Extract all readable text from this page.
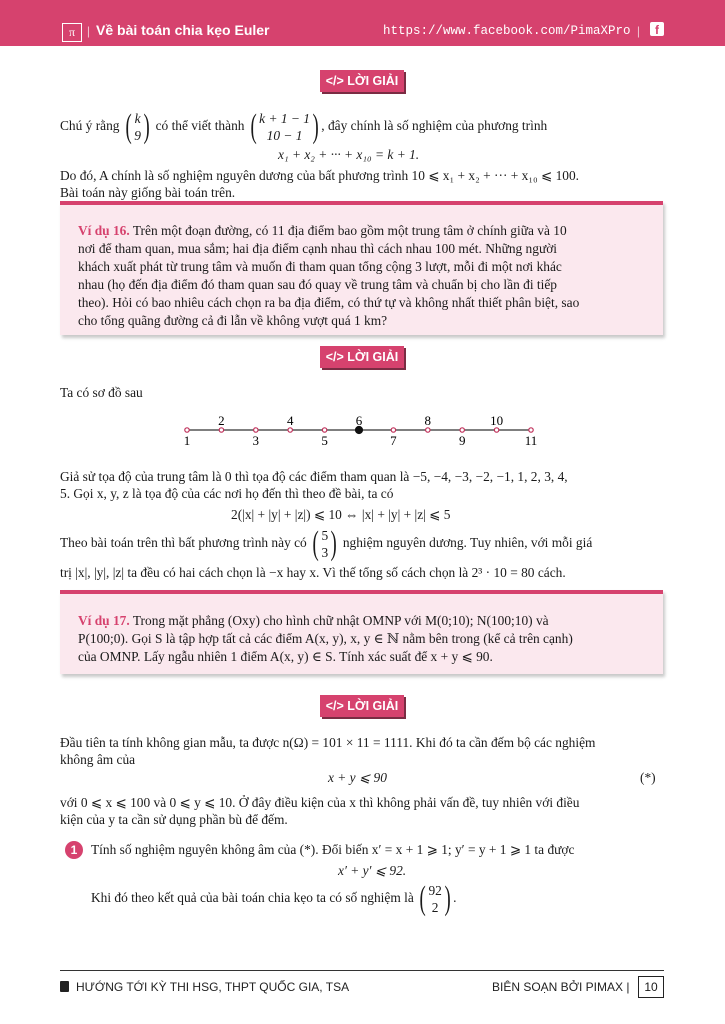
π | Về bài toán chia kẹo Euler	https://www.facebook.com/PimaXPro |	f
</> LỜI GIẢI
Chú ý rằng ( k
9) có thể viết thành ( k + 1 − 1
10 − 1 ) , đây chính là số nghiệm của phương trình
x₁ + x₂ + ··· + x₁₀ = k + 1.
Do đó, A chính là số nghiệm nguyên dương của bất phương trình 10 ⩽ x₁ + x₂ + ··· + x₁₀ ⩽ 100.
Bài toán này giống bài toán trên.
Ví dụ 16. Trên một đoạn đường, có 11 địa điểm bao gồm một trung tâm ở chính giữa và 10
nơi để tham quan, mua sắm; hai địa điểm cạnh nhau thì cách nhau 100 mét. Những người
khách xuất phát từ trung tâm và muốn đi tham quan tổng cộng 3 lượt, mỗi đi một nơi khác
nhau (họ đến địa điểm đó tham quan sau đó quay về trung tâm và chuẩn bị cho lần đi tiếp
theo). Hỏi có bao nhiêu cách chọn ra ba địa điểm, có thứ tự và không nhất thiết phân biệt, sao
cho tổng quãng đường cả đi lẫn về không vượt quá 1 km?
</> LỜI GIẢI
Ta có sơ đồ sau
1	3	5	7	9	11
2	4	6	8	10
Giả sử tọa độ của trung tâm là 0 thì tọa độ các điểm tham quan là −5, −4, −3, −2, −1, 1, 2, 3, 4,
5. Gọi x, y, z là tọa độ của các nơi họ đến thì theo đề bài, ta có
2(|x| + |y| + |z|) ⩽ 10 ⇔ |x| + |y| + |z| ⩽ 5
Theo bài toán trên thì bất phương trình này có ( 5
3) nghiệm nguyên dương. Tuy nhiên, với mỗi giá
trị |x|, |y|, |z| ta đều có hai cách chọn là −x hay x. Vì thế tổng số cách chọn là 2³ · 10 = 80 cách.
Ví dụ 17. Trong mặt phẳng (Oxy) cho hình chữ nhật OMNP với M(0;10); N(100;10) và
P(100;0). Gọi S là tập hợp tất cả các điểm A(x, y), x, y ∈ ℕ nằm bên trong (kể cả trên cạnh)
của OMNP. Lấy ngẫu nhiên 1 điểm A(x, y) ∈ S. Tính xác suất để x + y ⩽ 90.
</> LỜI GIẢI
Đầu tiên ta tính không gian mẫu, ta được n(Ω) = 101 × 11 = 1111. Khi đó ta cần đếm bộ các nghiệm
không âm của
x + y ⩽ 90	(*)
với 0 ⩽ x ⩽ 100 và 0 ⩽ y ⩽ 10. Ở đây điều kiện của x thì không phải vấn đề, tuy nhiên với điều
kiện của y ta cần sử dụng phần bù để đếm.
1	Tính số nghiệm nguyên không âm của (*). Đổi biến x′ = x + 1 ⩾ 1; y′ = y + 1 ⩾ 1 ta được
x′ + y′ ⩽ 92.
Khi đó theo kết quả của bài toán chia kẹo ta có số nghiệm là ( 92
2 ) .
HƯỚNG TỚI KỲ THI HSG, THPT QUỐC GIA, TSA	BIÊN SOẠN BỞI PIMAX |	10
